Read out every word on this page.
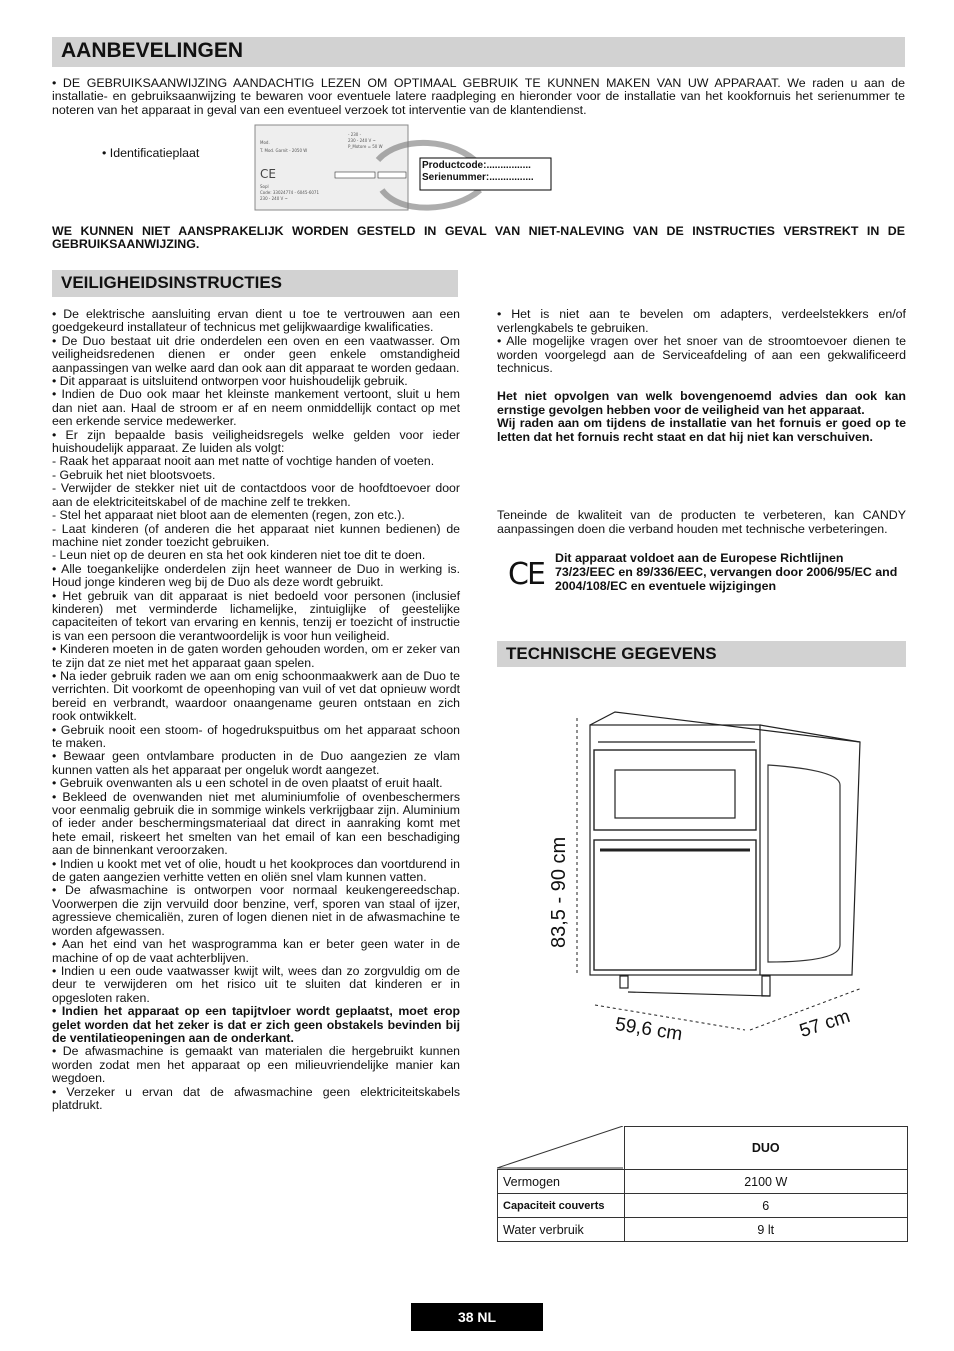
AANBEVELINGEN

• DE GEBRUIKSAANWIJZING AANDACHTIG LEZEN OM OPTIMAAL GEBRUIK TE KUNNEN MAKEN VAN UW APPARAAT. We raden u aan de installatie- en gebruiksaanwijzing te bewaren voor eventuele latere raadpleging en hieronder voor de installatie van het kookfornuis het serienummer te noteren van het apparaat in geval van een eventueel verzoek tot interventie van de klantendienst.

• Identificatieplaat
Mod.
T. Mod. Garnit - 2050 W
- 230 -
230 - 240 V ~
P_Motore = 50 W
Sopl
Code: 33024774 - 6045-6071
230 - 240 V ~
CE
Productcode:................
Serienummer:................

WE KUNNEN NIET AANSPRAKELIJK WORDEN GESTELD IN GEVAL VAN NIET-NALEVING VAN DE INSTRUCTIES VERSTREKT IN DE GEBRUIKSAANWIJZING.

VEILIGHEIDSINSTRUCTIES

• De elektrische aansluiting ervan dient u toe te vertrouwen aan een goedgekeurd installateur of technicus met gelijkwaardige kwalificaties.

• De Duo bestaat uit drie onderdelen een oven en een vaatwasser. Om veiligheidsredenen dienen er onder geen enkele omstandigheid aanpassingen van welke aard dan ook aan dit apparaat te worden gedaan.

• Dit apparaat is uitsluitend ontworpen voor huishoudelijk gebruik.

• Indien de Duo ook maar het kleinste mankement vertoont, sluit u hem dan niet aan. Haal de stroom er af en neem onmiddellijk contact op met een erkende service medewerker.

• Er zijn bepaalde basis veiligheidsregels welke gelden voor ieder huishoudelijk apparaat. Ze luiden als volgt:

- Raak het apparaat nooit aan met natte of vochtige handen of voeten.

- Gebruik het niet blootsvoets.

- Verwijder de stekker niet uit de contactdoos voor de hoofdtoevoer door aan de elektriciteitskabel of de machine zelf te trekken.

- Stel het apparaat niet bloot aan de elementen (regen, zon etc.).

- Laat kinderen (of anderen die het apparaat niet kunnen bedienen) de machine niet zonder toezicht gebruiken.

- Leun niet op de deuren en sta het ook kinderen niet toe dit te doen.

• Alle toegankelijke onderdelen zijn heet wanneer de Duo in werking is. Houd jonge kinderen weg bij de Duo als deze wordt gebruikt.

• Het gebruik van dit apparaat is niet bedoeld voor personen (inclusief kinderen) met verminderde lichamelijke, zintuiglijke of geestelijke capaciteiten of tekort van ervaring en kennis, tenzij er toezicht of instructie is van een persoon die verantwoordelijk is voor hun veiligheid.

• Kinderen moeten in de gaten worden gehouden worden, om er zeker van te zijn dat ze niet met het apparaat gaan spelen.

• Na ieder gebruik raden we aan om enig schoonmaakwerk aan de Duo te verrichten. Dit voorkomt de opeenhoping van vuil of vet dat opnieuw wordt bereid en verbrandt, waardoor onaangename geuren ontstaan en zich rook ontwikkelt.

• Gebruik nooit een stoom- of hogedrukspuitbus om het apparaat schoon te maken.

• Bewaar geen ontvlambare producten in de Duo aangezien ze vlam kunnen vatten als het apparaat per ongeluk wordt aangezet.

• Gebruik ovenwanten als u een schotel in de oven plaatst of eruit haalt.

• Bekleed de ovenwanden niet met aluminiumfolie of ovenbeschermers voor eenmalig gebruik die in sommige winkels verkrijgbaar zijn. Aluminium of ieder ander beschermingsmateriaal dat direct in aanraking komt met hete email, riskeert het smelten van het email of kan een beschadiging aan de binnenkant veroorzaken.

• Indien u kookt met vet of olie, houdt u het kookproces dan voortdurend in de gaten aangezien verhitte vetten en oliën snel vlam kunnen vatten.

• De afwasmachine is ontworpen voor normaal keukengereedschap. Voorwerpen die zijn vervuild door benzine, verf, sporen van staal of ijzer, agressieve chemicaliën, zuren of logen dienen niet in de afwasmachine te worden afgewassen.

• Aan het eind van het wasprogramma kan er beter geen water in de machine of op de vaat achterblijven.

• Indien u een oude vaatwasser kwijt wilt, wees dan zo zorgvuldig om de deur te verwijderen om het risico uit te sluiten dat kinderen er in opgesloten raken.

• Indien het apparaat op een tapijtvloer wordt geplaatst, moet erop gelet worden dat het zeker is dat er zich geen obstakels bevinden bij de ventilatieopeningen aan de onderkant.

• De afwasmachine is gemaakt van materialen die hergebruikt kunnen worden zodat men het apparaat op een milieuvriendelijke manier kan wegdoen.

• Verzeker u ervan dat de afwasmachine geen elektriciteitskabels platdrukt.

• Het is niet aan te bevelen om adapters, verdeelstekkers en/of verlengkabels te gebruiken.

• Alle mogelijke vragen over het snoer van de stroomtoevoer dienen te worden voorgelegd aan de Serviceafdeling of aan een gekwalificeerd technicus.

Het niet opvolgen van welk bovengenoemd advies dan ook kan ernstige gevolgen hebben voor de veiligheid van het apparaat.

Wij raden aan om tijdens de installatie van het fornuis er goed op te letten dat het fornuis recht staat en dat hij niet kan verschuiven.

Teneinde de kwaliteit van de producten te verbeteren, kan CANDY aanpassingen doen die verband houden met technische verbeteringen.

CE Dit apparaat voldoet aan de Europese Richtlijnen 73/23/EEC en 89/336/EEC, vervangen door 2006/95/EC and 2004/108/EC en eventuele wijzigingen

TECHNISCHE GEGEVENS
83,5 - 90 cm
59,6 cm	57 cm
	DUO
Vermogen	2100 W
Capaciteit couverts	6
Water verbruik	9 lt
38 NL
